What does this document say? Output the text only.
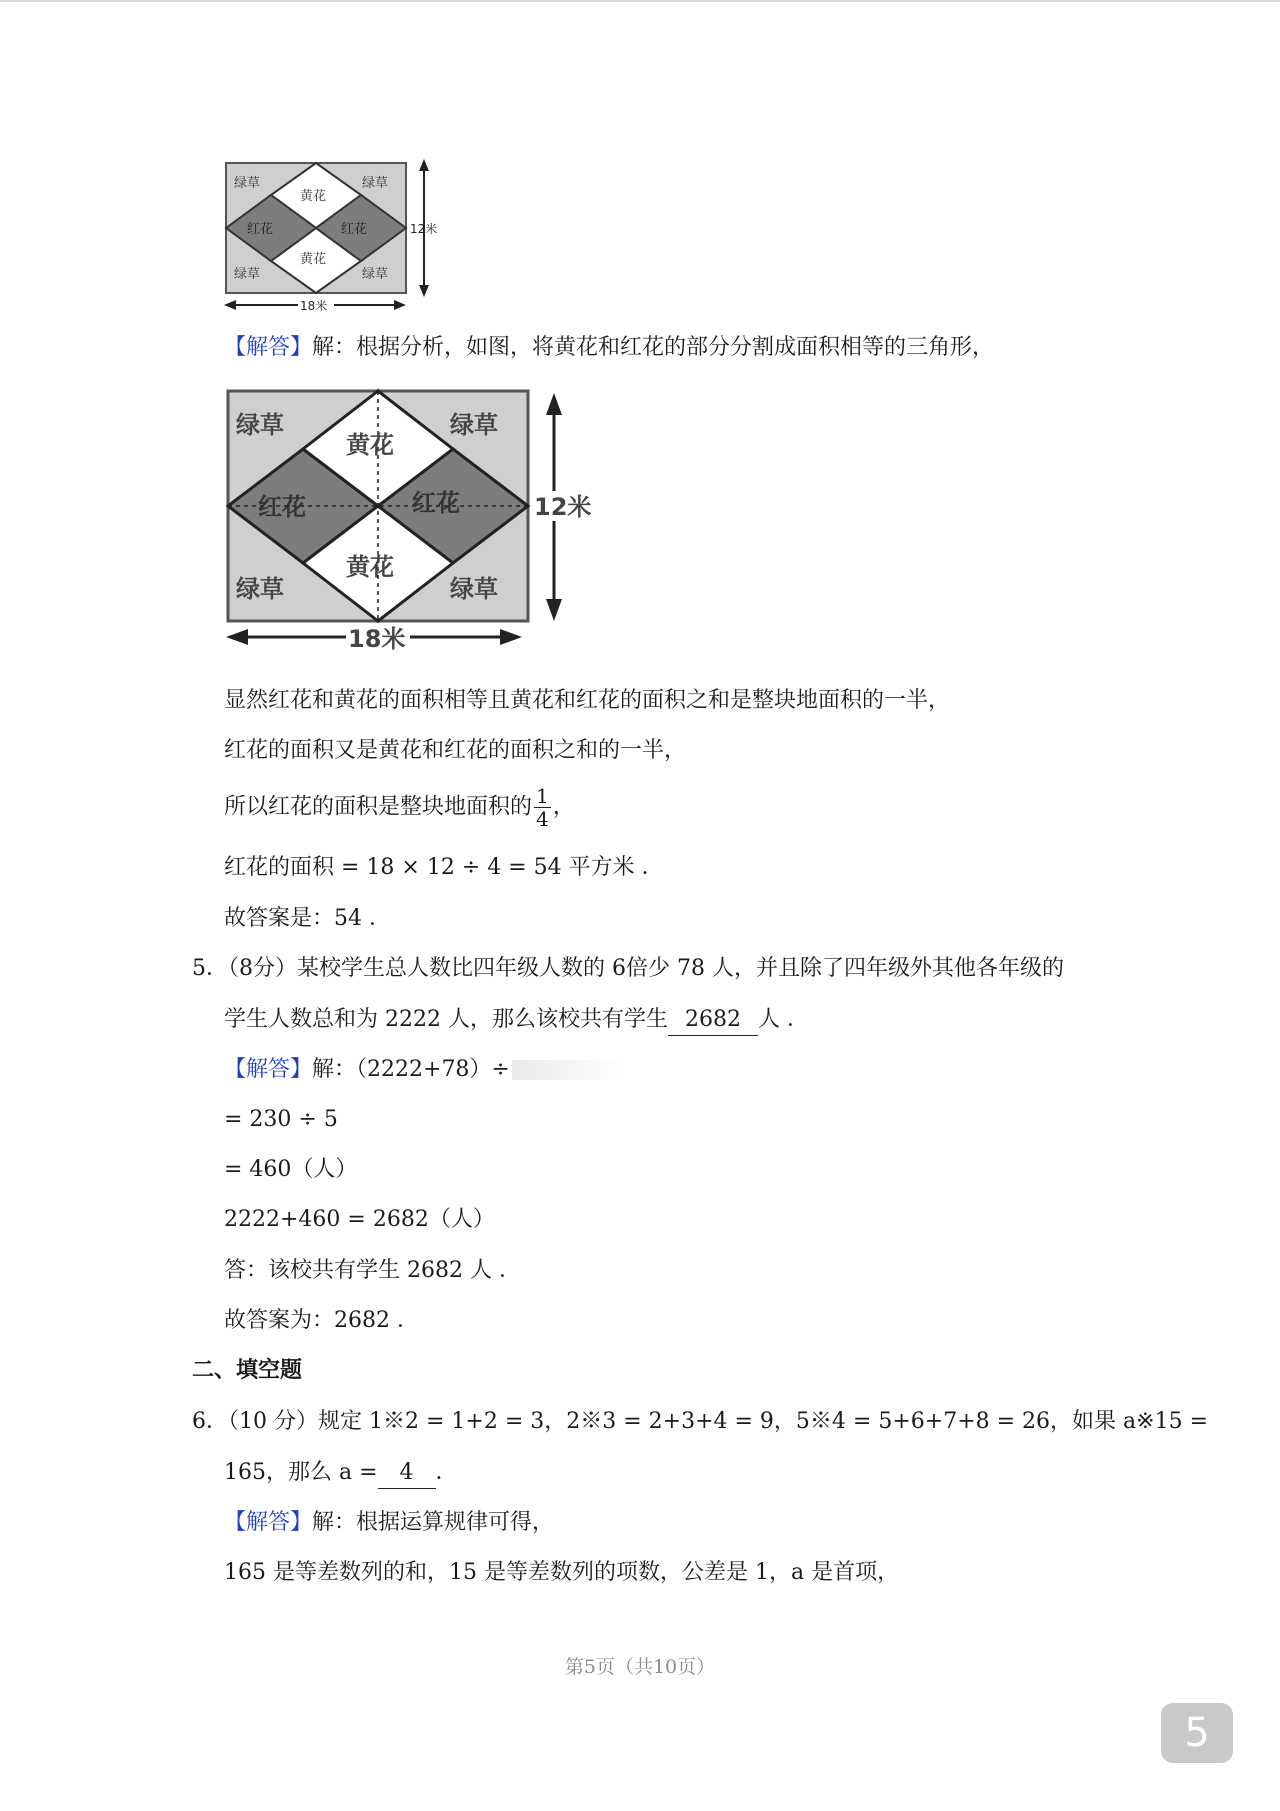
绿草	绿草
绿草	绿草
黄花
黄花
红花	红花	12米
18米
【解答】解：根据分析，如图，将黄花和红花的部分分割成面积相等的三角形，
绿草	绿草
绿草	绿草
黄花
黄花
红花	红花	12米
18米
显然红花和黄花的面积相等且黄花和红花的面积之和是整块地面积的一半，
红花的面积又是黄花和红花的面积之和的一半，
所以红花的面积是整块地面积的 $\frac{1}{4}$ ，
红花的面积 = 18 × 12 ÷ 4 = 54 平方米 ．
故答案是：54 ．
5．（8分）某校学生总人数比四年级人数的 6倍少 78 人，并且除了四年级外其他各年级的
学生人数总和为 2222 人，那么该校共有学生 2682 人 ．
【解答】解：（2222+78）÷
= 230 ÷ 5
= 460（人）
2222+460 = 2682（人）
答：该校共有学生 2682 人 ．
故答案为：2682 ．
二、填空题
6．（10 分）规定 1※2 = 1+2 = 3，2※3 = 2+3+4 = 9，5※4 = 5+6+7+8 = 26，如果 a※15 =
165，那么 a = 4 ．
【解答】解：根据运算规律可得，
165 是等差数列的和，15 是等差数列的项数，公差是 1，a 是首项，
第5页（共10页）
5
